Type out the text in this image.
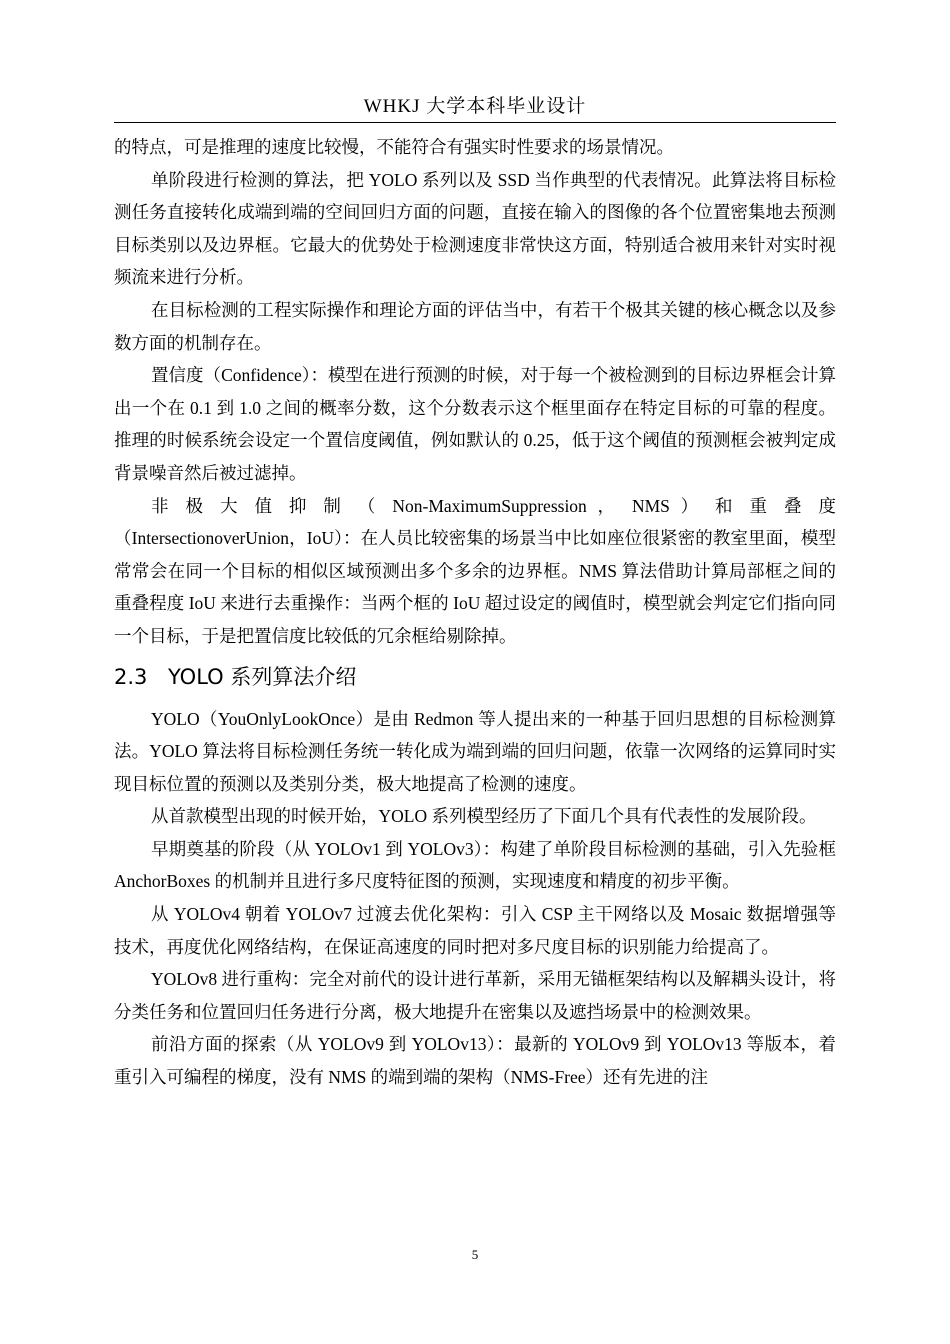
WHKJ 大学本科毕业设计

的特点，可是推理的速度比较慢，不能符合有强实时性要求的场景情况。

单阶段进行检测的算法，把 YOLO 系列以及 SSD 当作典型的代表情况。此算法将目标检测任务直接转化成端到端的空间回归方面的问题，直接在输入的图像的各个位置密集地去预测目标类别以及边界框。它最大的优势处于检测速度非常快这方面，特别适合被用来针对实时视频流来进行分析。

在目标检测的工程实际操作和理论方面的评估当中，有若干个极其关键的核心概念以及参数方面的机制存在。

置信度（Confidence）：模型在进行预测的时候，对于每一个被检测到的目标边界框会计算出一个在 0.1 到 1.0 之间的概率分数，这个分数表示这个框里面存在特定目标的可靠的程度。推理的时候系统会设定一个置信度阈值，例如默认的 0.25，低于这个阈值的预测框会被判定成背景噪音然后被过滤掉。

非 极 大 值 抑 制 （ Non-MaximumSuppression ， NMS ） 和 重 叠 度

（IntersectionoverUnion，IoU）：在人员比较密集的场景当中比如座位很紧密的教室里面，模型常常会在同一个目标的相似区域预测出多个多余的边界框。NMS 算法借助计算局部框之间的重叠程度 IoU 来进行去重操作：当两个框的 IoU 超过设定的阈值时，模型就会判定它们指向同一个目标，于是把置信度比较低的冗余框给剔除掉。

2.3 YOLO 系列算法介绍

YOLO（YouOnlyLookOnce）是由 Redmon 等人提出来的一种基于回归思想的目标检测算法。YOLO 算法将目标检测任务统一转化成为端到端的回归问题，依靠一次网络的运算同时实现目标位置的预测以及类别分类，极大地提高了检测的速度。

从首款模型出现的时候开始，YOLO 系列模型经历了下面几个具有代表性的发展阶段。

早期奠基的阶段（从 YOLOv1 到 YOLOv3）：构建了单阶段目标检测的基础，引入先验框 AnchorBoxes 的机制并且进行多尺度特征图的预测，实现速度和精度的初步平衡。

从 YOLOv4 朝着 YOLOv7 过渡去优化架构：引入 CSP 主干网络以及 Mosaic 数据增强等技术，再度优化网络结构，在保证高速度的同时把对多尺度目标的识别能力给提高了。

YOLOv8 进行重构：完全对前代的设计进行革新，采用无锚框架结构以及解耦头设计，将分类任务和位置回归任务进行分离，极大地提升在密集以及遮挡场景中的检测效果。

前沿方面的探索（从 YOLOv9 到 YOLOv13）：最新的 YOLOv9 到 YOLOv13 等版本，着重引入可编程的梯度，没有 NMS 的端到端的架构（NMS-Free）还有先进的注

5
